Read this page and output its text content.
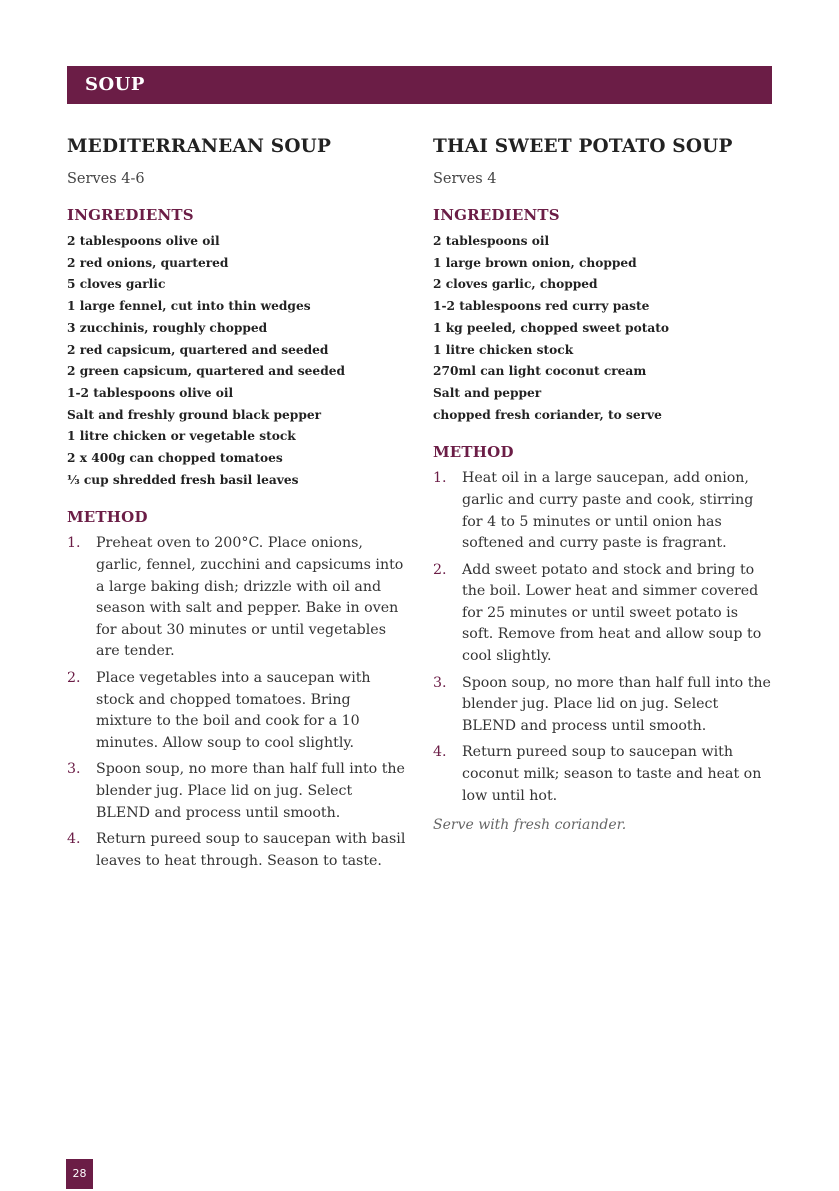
SOUP
MEDITERRANEAN SOUP

Serves 4-6

INGREDIENTS
2 tablespoons olive oil
2 red onions, quartered
5 cloves garlic
1 large fennel, cut into thin wedges
3 zucchinis, roughly chopped
2 red capsicum, quartered and seeded
2 green capsicum, quartered and seeded
1-2 tablespoons olive oil
Salt and freshly ground black pepper
1 litre chicken or vegetable stock
2 x 400g can chopped tomatoes
⅓ cup shredded fresh basil leaves
METHOD
1. Preheat oven to 200°C. Place onions, garlic, fennel, zucchini and capsicums into a large baking dish; drizzle with oil and season with salt and pepper. Bake in oven for about 30 minutes or until vegetables are tender.
2. Place vegetables into a saucepan with stock and chopped tomatoes. Bring mixture to the boil and cook for a 10 minutes. Allow soup to cool slightly.
3. Spoon soup, no more than half full into the blender jug. Place lid on jug. Select BLEND and process until smooth.
4. Return pureed soup to saucepan with basil leaves to heat through. Season to taste.
THAI SWEET POTATO SOUP

Serves 4

INGREDIENTS
2 tablespoons oil
1 large brown onion, chopped
2 cloves garlic, chopped
1-2 tablespoons red curry paste
1 kg peeled, chopped sweet potato
1 litre chicken stock
270ml can light coconut cream
Salt and pepper
chopped fresh coriander, to serve
METHOD
1. Heat oil in a large saucepan, add onion, garlic and curry paste and cook, stirring for 4 to 5 minutes or until onion has softened and curry paste is fragrant.
2. Add sweet potato and stock and bring to the boil. Lower heat and simmer covered for 25 minutes or until sweet potato is soft. Remove from heat and allow soup to cool slightly.
3. Spoon soup, no more than half full into the blender jug. Place lid on jug. Select BLEND and process until smooth.
4. Return pureed soup to saucepan with coconut milk; season to taste and heat on low until hot.

Serve with fresh coriander.

28
